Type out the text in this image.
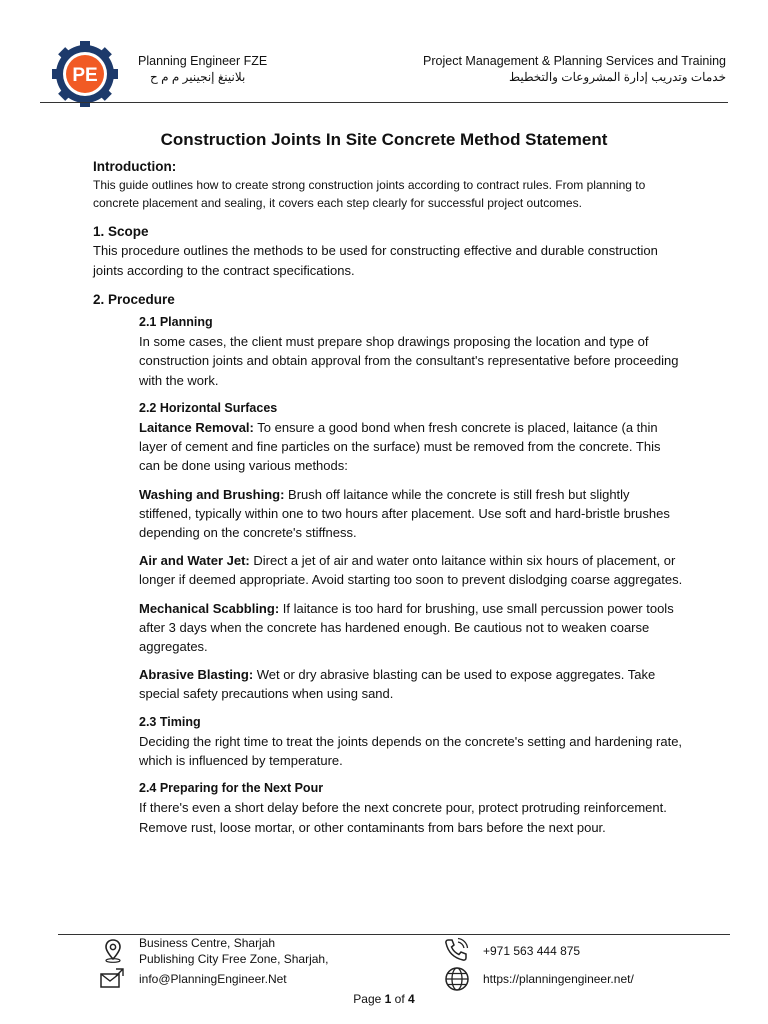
PE
Planning Engineer FZE
بلانينغ إنجينير م م ح
Project Management & Planning Services and Training
خدمات وتدريب إدارة المشروعات والتخطيط
Construction Joints In Site Concrete Method Statement

Introduction:

This guide outlines how to create strong construction joints according to contract rules. From planning to concrete placement and sealing, it covers each step clearly for successful project outcomes.

1. Scope

This procedure outlines the methods to be used for constructing effective and durable construction joints according to the contract specifications.

2. Procedure

2.1 Planning

In some cases, the client must prepare shop drawings proposing the location and type of construction joints and obtain approval from the consultant's representative before proceeding with the work.

2.2 Horizontal Surfaces

Laitance Removal: To ensure a good bond when fresh concrete is placed, laitance (a thin layer of cement and fine particles on the surface) must be removed from the concrete. This can be done using various methods:

Washing and Brushing: Brush off laitance while the concrete is still fresh but slightly stiffened, typically within one to two hours after placement. Use soft and hard-bristle brushes depending on the concrete's stiffness.

Air and Water Jet: Direct a jet of air and water onto laitance within six hours of placement, or longer if deemed appropriate. Avoid starting too soon to prevent dislodging coarse aggregates.

Mechanical Scabbling: If laitance is too hard for brushing, use small percussion power tools after 3 days when the concrete has hardened enough. Be cautious not to weaken coarse aggregates.

Abrasive Blasting: Wet or dry abrasive blasting can be used to expose aggregates. Take special safety precautions when using sand.

2.3 Timing

Deciding the right time to treat the joints depends on the concrete's setting and hardening rate, which is influenced by temperature.

2.4 Preparing for the Next Pour

If there's even a short delay before the next concrete pour, protect protruding reinforcement. Remove rust, loose mortar, or other contaminants from bars before the next pour.

Business Centre, Sharjah
Publishing City Free Zone, Sharjah,
info@PlanningEngineer.Net
+971 563 444 875
https://planningengineer.net/
Page 1 of 4
